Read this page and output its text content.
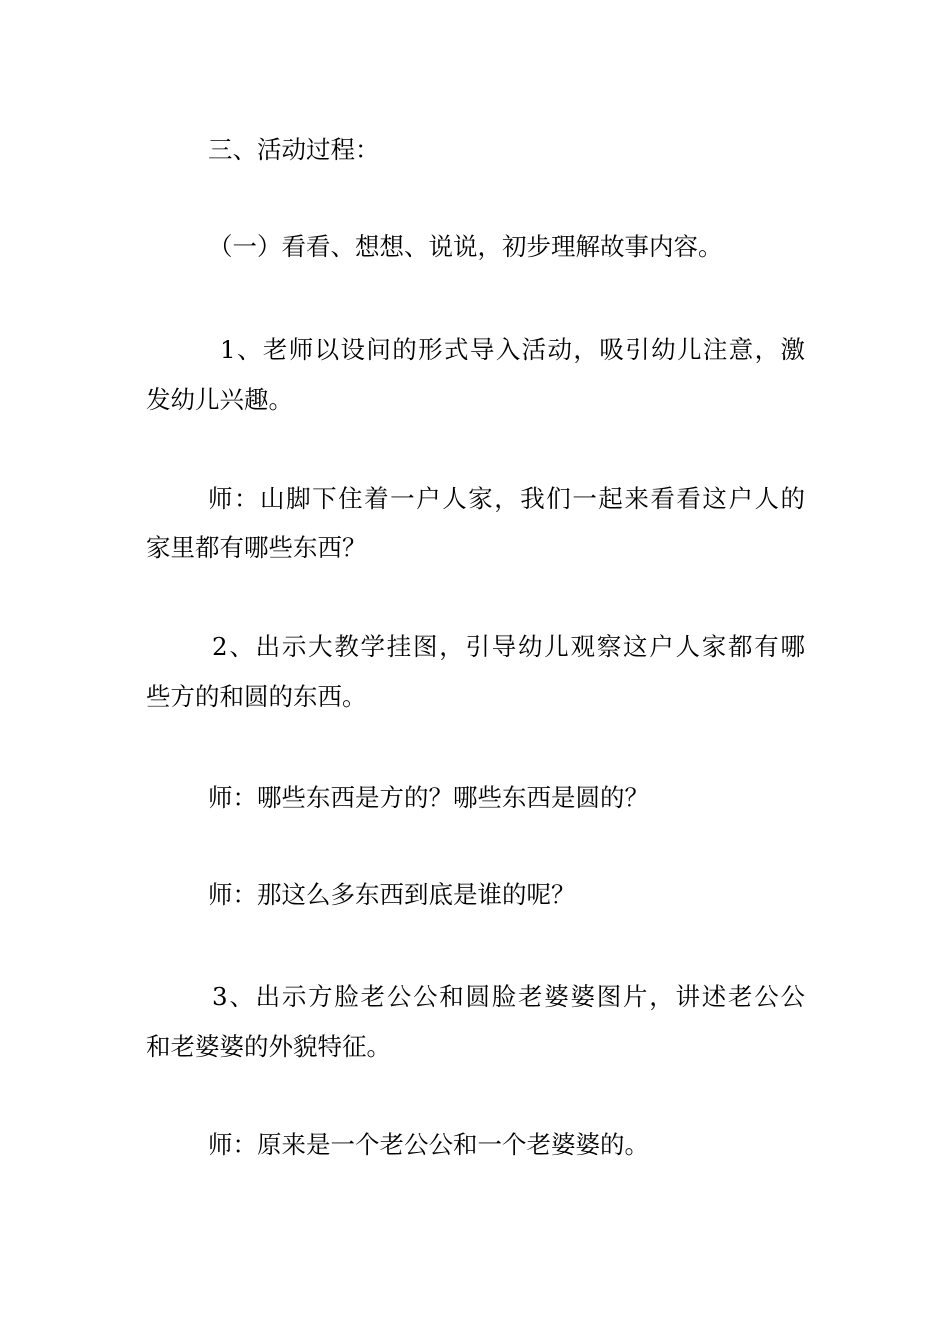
三、活动过程：
（一）看看、想想、说说，初步理解故事内容。
1、老师以设问的形式导入活动，吸引幼儿注意，激
发幼儿兴趣。
师：山脚下住着一户人家，我们一起来看看这户人的
家里都有哪些东西？
2、出示大教学挂图，引导幼儿观察这户人家都有哪
些方的和圆的东西。
师：哪些东西是方的？哪些东西是圆的？
师：那这么多东西到底是谁的呢？
3、出示方脸老公公和圆脸老婆婆图片，讲述老公公
和老婆婆的外貌特征。
师：原来是一个老公公和一个老婆婆的。
